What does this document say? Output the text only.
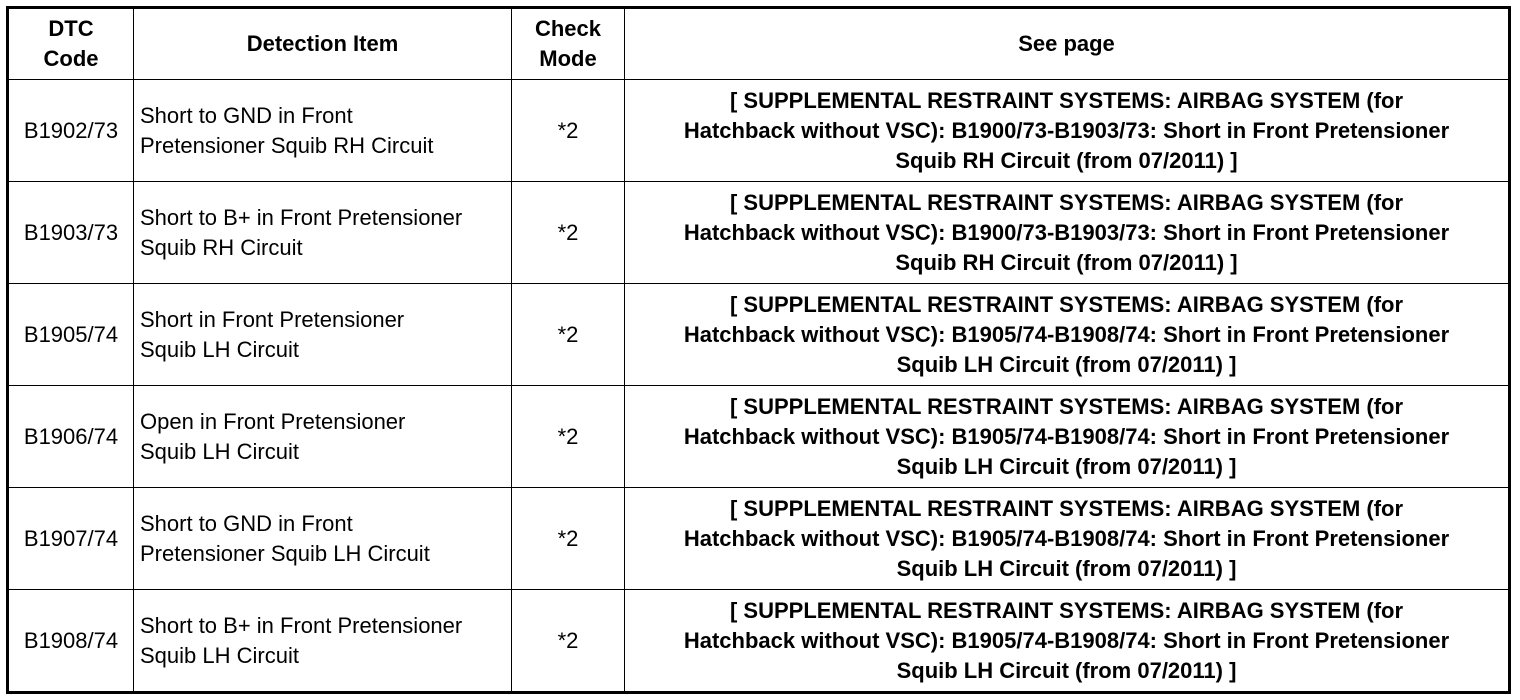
DTC
Code	Detection Item	Check
Mode	See page

B1902/73	Short to GND in Front
Pretensioner Squib RH Circuit	*2	[ SUPPLEMENTAL RESTRAINT SYSTEMS: AIRBAG SYSTEM (for
Hatchback without VSC): B1900/73-B1903/73: Short in Front Pretensioner
Squib RH Circuit (from 07/2011) ]

B1903/73	Short to B+ in Front Pretensioner
Squib RH Circuit	*2	[ SUPPLEMENTAL RESTRAINT SYSTEMS: AIRBAG SYSTEM (for
Hatchback without VSC): B1900/73-B1903/73: Short in Front Pretensioner
Squib RH Circuit (from 07/2011) ]

B1905/74	Short in Front Pretensioner
Squib LH Circuit	*2	[ SUPPLEMENTAL RESTRAINT SYSTEMS: AIRBAG SYSTEM (for
Hatchback without VSC): B1905/74-B1908/74: Short in Front Pretensioner
Squib LH Circuit (from 07/2011) ]

B1906/74	Open in Front Pretensioner
Squib LH Circuit	*2	[ SUPPLEMENTAL RESTRAINT SYSTEMS: AIRBAG SYSTEM (for
Hatchback without VSC): B1905/74-B1908/74: Short in Front Pretensioner
Squib LH Circuit (from 07/2011) ]

B1907/74	Short to GND in Front
Pretensioner Squib LH Circuit	*2	[ SUPPLEMENTAL RESTRAINT SYSTEMS: AIRBAG SYSTEM (for
Hatchback without VSC): B1905/74-B1908/74: Short in Front Pretensioner
Squib LH Circuit (from 07/2011) ]

B1908/74	Short to B+ in Front Pretensioner
Squib LH Circuit	*2	[ SUPPLEMENTAL RESTRAINT SYSTEMS: AIRBAG SYSTEM (for
Hatchback without VSC): B1905/74-B1908/74: Short in Front Pretensioner
Squib LH Circuit (from 07/2011) ]
